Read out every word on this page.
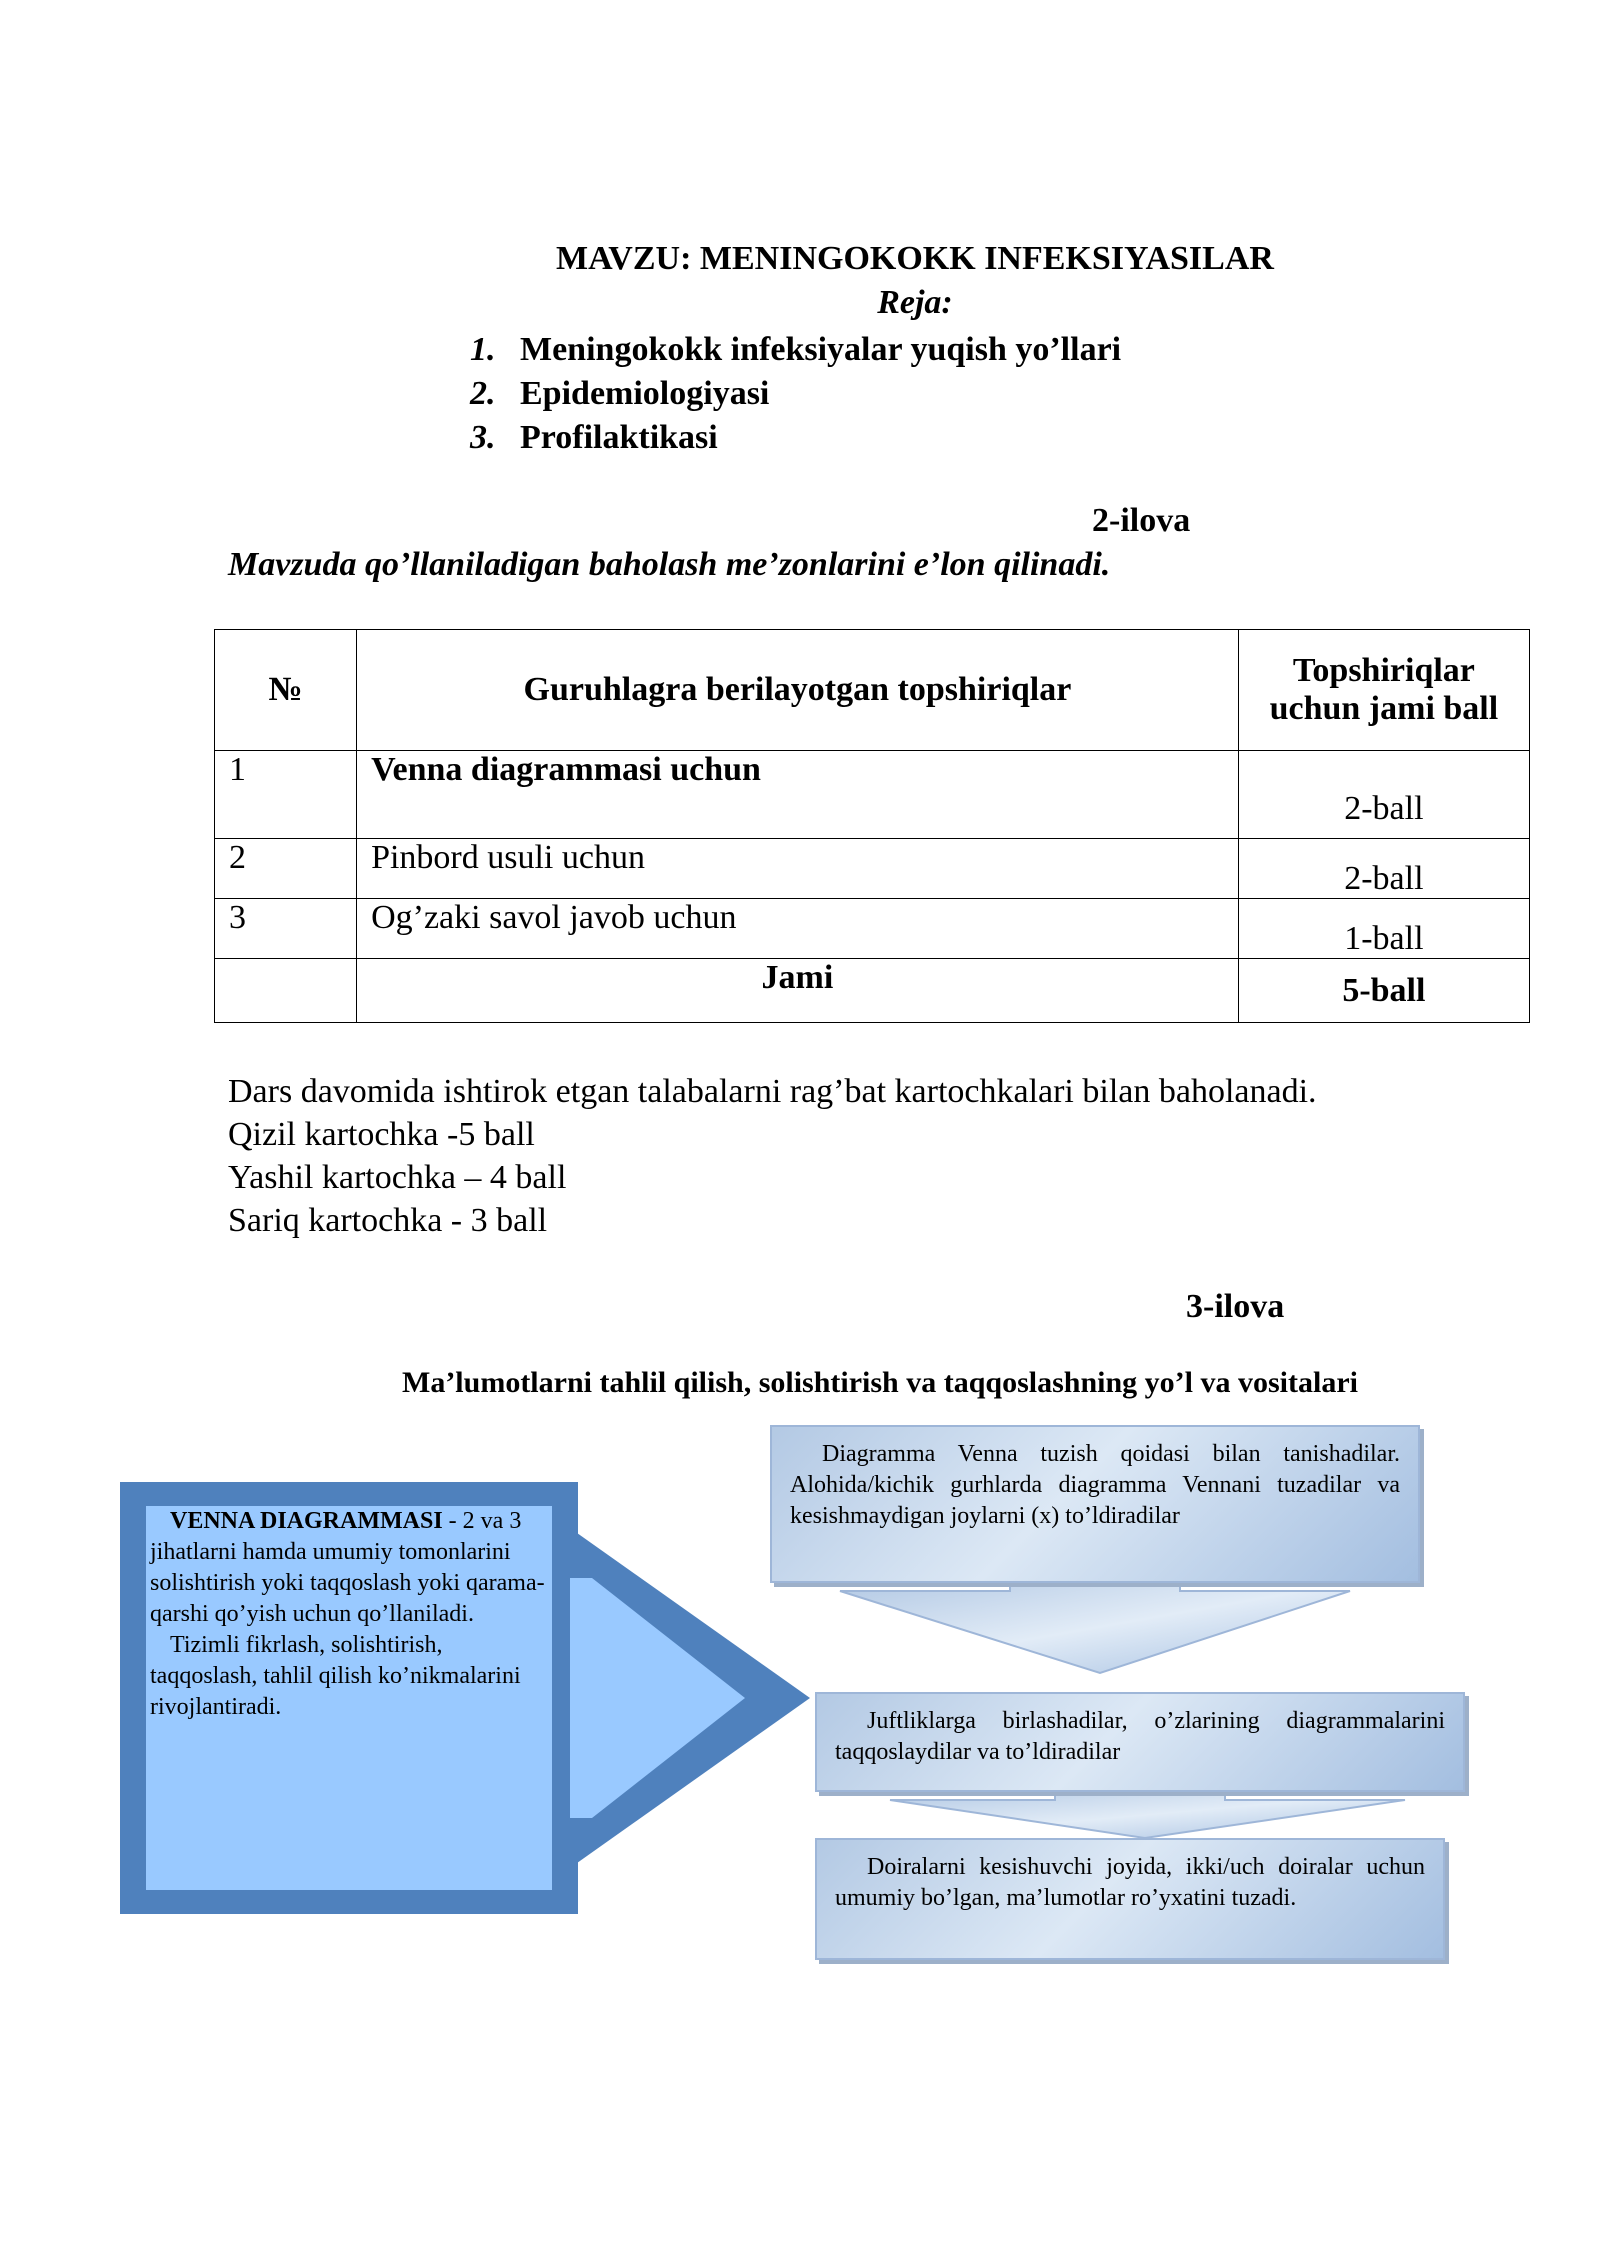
MAVZU: MENINGOKOKK INFEKSIYASILAR
Reja:
1. Meningokokk infeksiyalar yuqish yo’llari
2. Epidemiologiyasi
3. Profilaktikasi
2-ilova
Mavzuda qo’llaniladigan baholash me’zonlarini e’lon qilinadi.
№	Guruhlagra berilayotgan topshiriqlar	Topshiriqlar uchun jami ball
1	Venna diagrammasi uchun	2-ball
2	Pinbord usuli uchun	2-ball
3	Og’zaki savol javob uchun	1-ball
	Jami	5-ball
Dars davomida ishtirok etgan talabalarni rag’bat kartochkalari bilan baholanadi.
Qizil kartochka -5 ball
Yashil kartochka – 4 ball
Sariq kartochka - 3 ball
3-ilova
Ma’lumotlarni tahlil qilish, solishtirish va taqqoslashning yo’l va vositalari
VENNA DIAGRAMMASI - 2 va 3 jihatlarni hamda umumiy tomonlarini solishtirish yoki taqqoslash yoki qarama-qarshi qo’yish uchun qo’llaniladi.
Tizimli fikrlash, solishtirish, taqqoslash, tahlil qilish ko’nikmalarini rivojlantiradi.
Diagramma Venna tuzish qoidasi bilan tanishadilar. Alohida/kichik gurhlarda diagramma Vennani tuzadilar va kesishmaydigan joylarni (x) to’ldiradilar
Juftliklarga birlashadilar, o’zlarining diagrammalarini taqqoslaydilar va to’ldiradilar
Doiralarni kesishuvchi joyida, ikki/uch doiralar uchun umumiy bo’lgan, ma’lumotlar ro’yxatini tuzadi.
